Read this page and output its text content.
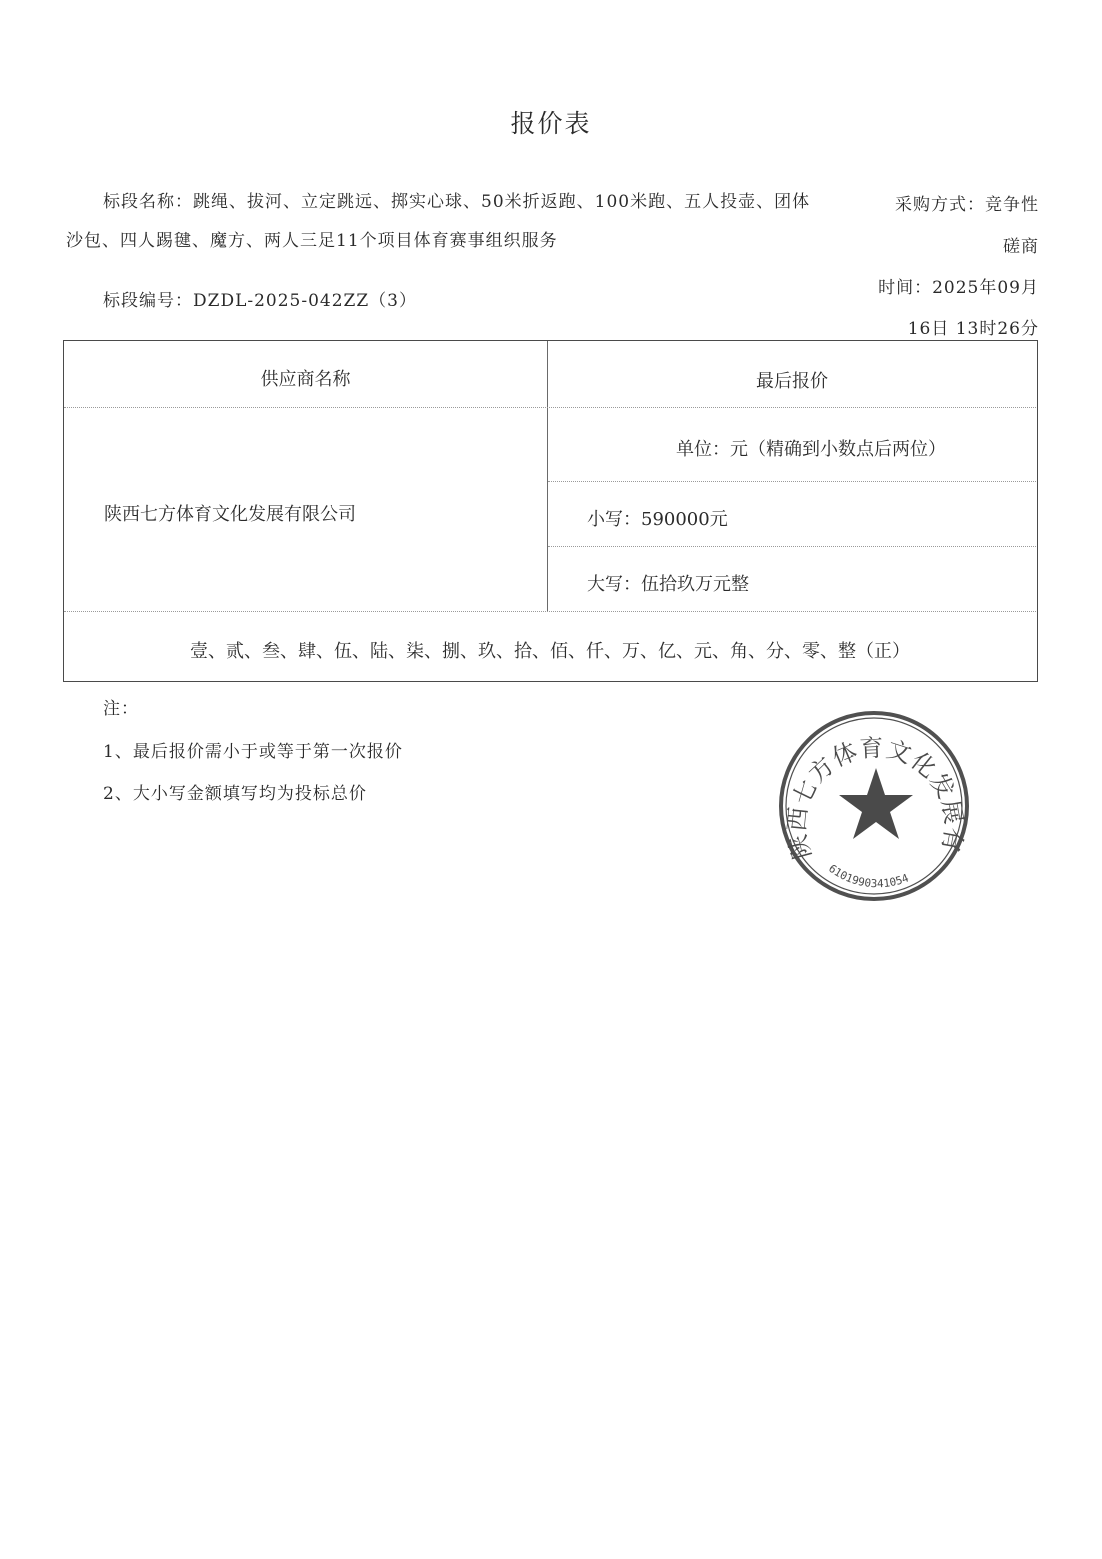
报价表
标段名称：跳绳、拔河、立定跳远、掷实心球、50米折返跑、100米跑、五人投壶、团体
沙包、四人踢毽、魔方、两人三足11个项目体育赛事组织服务
标段编号：DZDL-2025-042ZZ（3）
采购方式：竞争性
磋商
时间：2025年09月
16日 13时26分
供应商名称	最后报价
陕西七方体育文化发展有限公司
单位：元（精确到小数点后两位）
小写：590000元
大写：伍拾玖万元整
壹、贰、叁、肆、伍、陆、柒、捌、玖、拾、佰、仟、万、亿、元、角、分、零、整（正）
注：
1、最后报价需小于或等于第一次报价
2、大小写金额填写均为投标总价
陕西七方体育文化发展有
6101990341054
